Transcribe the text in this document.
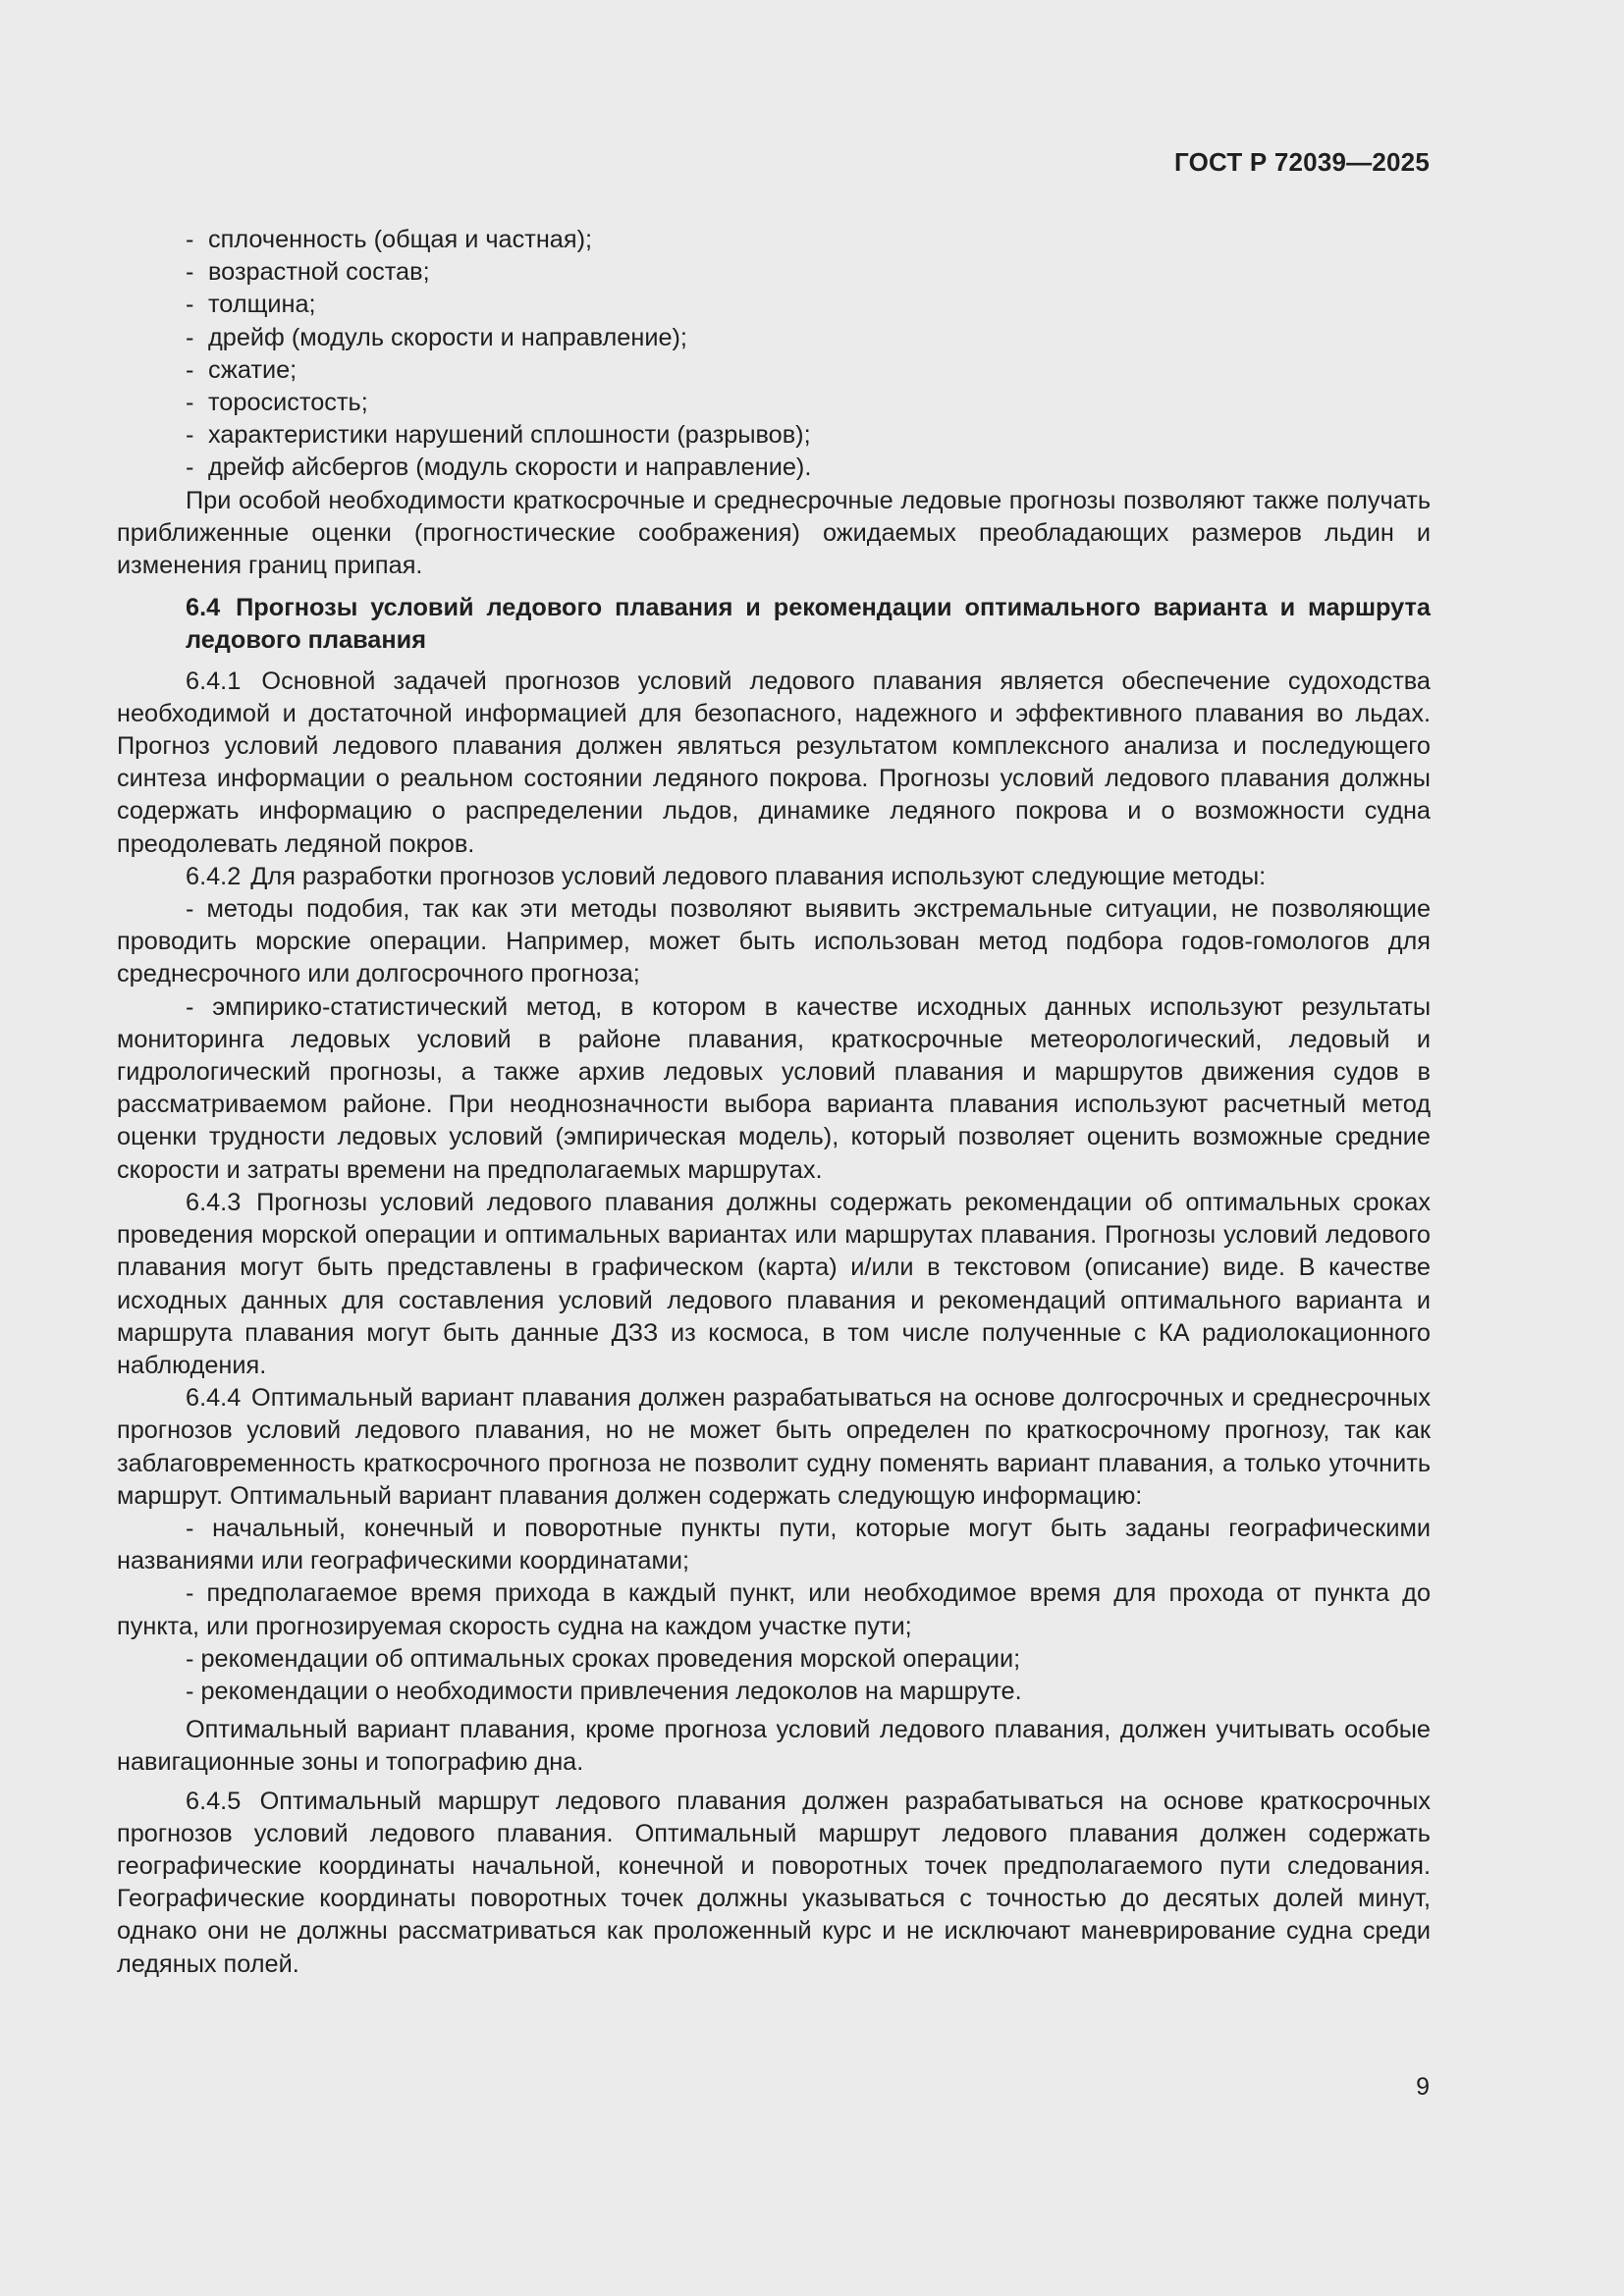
ГОСТ Р 72039—2025

- сплоченность (общая и частная);

- возрастной состав;

- толщина;

- дрейф (модуль скорости и направление);

- сжатие;

- торосистость;

- характеристики нарушений сплошности (разрывов);

- дрейф айсбергов (модуль скорости и направление).

При особой необходимости краткосрочные и среднесрочные ледовые прогнозы позволяют также получать приближенные оценки (прогностические соображения) ожидаемых преобладающих размеров льдин и изменения границ припая.

6.4 Прогнозы условий ледового плавания и рекомендации оптимального варианта и маршрута ледового плавания

6.4.1 Основной задачей прогнозов условий ледового плавания является обеспечение судоходства необходимой и достаточной информацией для безопасного, надежного и эффективного плавания во льдах. Прогноз условий ледового плавания должен являться результатом комплексного анализа и последующего синтеза информации о реальном состоянии ледяного покрова. Прогнозы условий ледового плавания должны содержать информацию о распределении льдов, динамике ледяного покрова и о возможности судна преодолевать ледяной покров.

6.4.2 Для разработки прогнозов условий ледового плавания используют следующие методы:

- методы подобия, так как эти методы позволяют выявить экстремальные ситуации, не позволяющие проводить морские операции. Например, может быть использован метод подбора годов-гомологов для среднесрочного или долгосрочного прогноза;

- эмпирико-статистический метод, в котором в качестве исходных данных используют результаты мониторинга ледовых условий в районе плавания, краткосрочные метеорологический, ледовый и гидрологический прогнозы, а также архив ледовых условий плавания и маршрутов движения судов в рассматриваемом районе. При неоднозначности выбора варианта плавания используют расчетный метод оценки трудности ледовых условий (эмпирическая модель), который позволяет оценить возможные средние скорости и затраты времени на предполагаемых маршрутах.

6.4.3 Прогнозы условий ледового плавания должны содержать рекомендации об оптимальных сроках проведения морской операции и оптимальных вариантах или маршрутах плавания. Прогнозы условий ледового плавания могут быть представлены в графическом (карта) и/или в текстовом (описание) виде. В качестве исходных данных для составления условий ледового плавания и рекомендаций оптимального варианта и маршрута плавания могут быть данные ДЗЗ из космоса, в том числе полученные с КА радиолокационного наблюдения.

6.4.4 Оптимальный вариант плавания должен разрабатываться на основе долгосрочных и среднесрочных прогнозов условий ледового плавания, но не может быть определен по краткосрочному прогнозу, так как заблаговременность краткосрочного прогноза не позволит судну поменять вариант плавания, а только уточнить маршрут. Оптимальный вариант плавания должен содержать следующую информацию:

- начальный, конечный и поворотные пункты пути, которые могут быть заданы географическими названиями или географическими координатами;

- предполагаемое время прихода в каждый пункт, или необходимое время для прохода от пункта до пункта, или прогнозируемая скорость судна на каждом участке пути;

- рекомендации об оптимальных сроках проведения морской операции;

- рекомендации о необходимости привлечения ледоколов на маршруте.

Оптимальный вариант плавания, кроме прогноза условий ледового плавания, должен учитывать особые навигационные зоны и топографию дна.

6.4.5 Оптимальный маршрут ледового плавания должен разрабатываться на основе краткосрочных прогнозов условий ледового плавания. Оптимальный маршрут ледового плавания должен содержать географические координаты начальной, конечной и поворотных точек предполагаемого пути следования. Географические координаты поворотных точек должны указываться с точностью до десятых долей минут, однако они не должны рассматриваться как проложенный курс и не исключают маневрирование судна среди ледяных полей.

9
